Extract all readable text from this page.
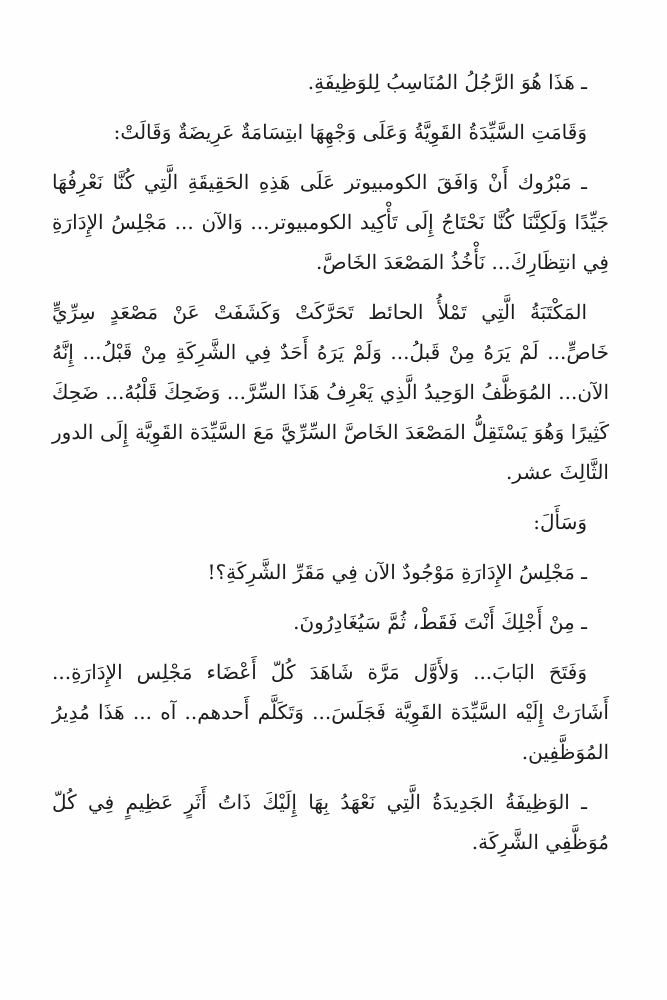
ـ هَذَا هُوَ الرَّجُلُ المُنَاسِبُ لِلوَظِيفَةِ.

وَقَامَتِ السَّيِّدَةُ القَوِيَّةُ وَعَلَى وَجْهِهَا ابتِسَامَةٌ عَرِيضَةٌ وَقَالَتْ:

ـ مَبْرُوك أَنْ وَافَقَ الكومبيوتر عَلَى هَذِهِ الحَقِيقَةِ الَّتِي كُنَّا نَعْرِفُهَا جَيِّدًا وَلَكِنَّنَا كُنَّا نَحْتَاجُ إِلَى تَأْكِيد الكومبيوتر... وَالآن ... مَجْلِسُ الإِدَارَةِ فِي انتِظَارِكَ... نَأْخُذُ المَصْعَدَ الخَاصَّ.

المَكْتَبَةُ الَّتِي تَمْلأُ الحائط تَحَرَّكَتْ وَكَشَفَتْ عَنْ مَصْعَدٍ سِرِّيٍّ خَاصٍّ... لَمْ يَرَهُ مِنْ قَبلُ... وَلَمْ يَرَهُ أَحَدٌ فِي الشَّرِكَةِ مِنْ قَبْلُ... إِنَّهُ الآن... المُوَظَّفُ الوَحِيدُ الَّذِي يَعْرِفُ هَذَا السِّرَّ... وَضَحِكَ قَلْبُهُ... ضَحِكَ كَثِيرًا وَهُوَ يَسْتَقِلُّ المَصْعَدَ الخَاصَّ السِّرِّيَّ مَعَ السَّيِّدَة القَوِيَّة إِلَى الدور الثَّالِثَ عشر.

وَسَأَلَ:

ـ مَجْلِسُ الإِدَارَةِ مَوْجُودٌ الآن فِي مَقَرِّ الشَّرِكَةِ؟!

ـ مِنْ أَجْلِكَ أَنْتَ فَقَطْ، ثُمَّ سَيُغَادِرُونَ.

وَفَتَحَ البَابَ... وَلأَوَّل مَرَّة شَاهَدَ كُلّ أَعْضَاء مَجْلِس الإِدَارَةِ... أَشَارَتْ إِلَيْه السَّيِّدَة القَوِيَّة فَجَلَسَ... وَتَكَلَّم أَحدهم.. آه ... هَذَا مُدِيرُ المُوَظَّفِين.

ـ الوَظِيفَةُ الجَدِيدَةُ الَّتِي نَعْهَدُ بِهَا إِلَيْكَ ذَاتُ أَثَرٍ عَظِيمٍ فِي كُلّ مُوَظَّفِي الشَّرِكَة.
